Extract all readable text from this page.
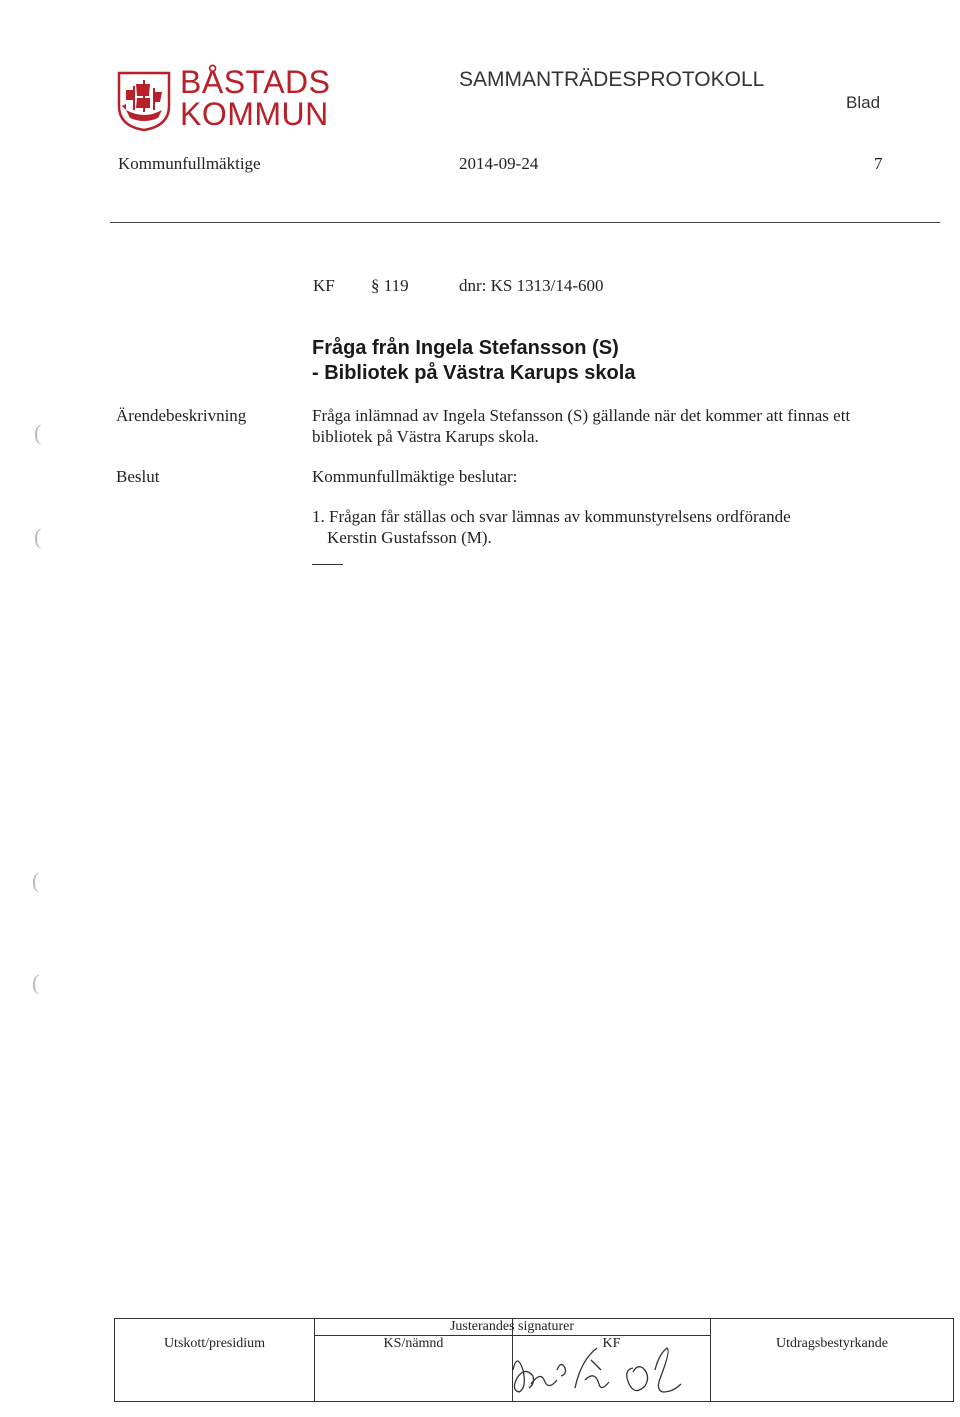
BÅSTADS
KOMMUN
SAMMANTRÄDESPROTOKOLL
Blad
Kommunfullmäktige	2014-09-24	7
KF § 119	dnr: KS 1313/14-600
Fråga från Ingela Stefansson (S)
- Bibliotek på Västra Karups skola
Ärendebeskrivning	Fråga inlämnad av Ingela Stefansson (S) gällande när det kommer att finnas ett
bibliotek på Västra Karups skola.
Beslut	Kommunfullmäktige beslutar:
1. Frågan får ställas och svar lämnas av kommunstyrelsens ordförande
Kerstin Gustafsson (M).
(
(
(
(
Utskott/presidium	KS/nämnd	KF	Utdragsbestyrkande
Justerandes signaturer
